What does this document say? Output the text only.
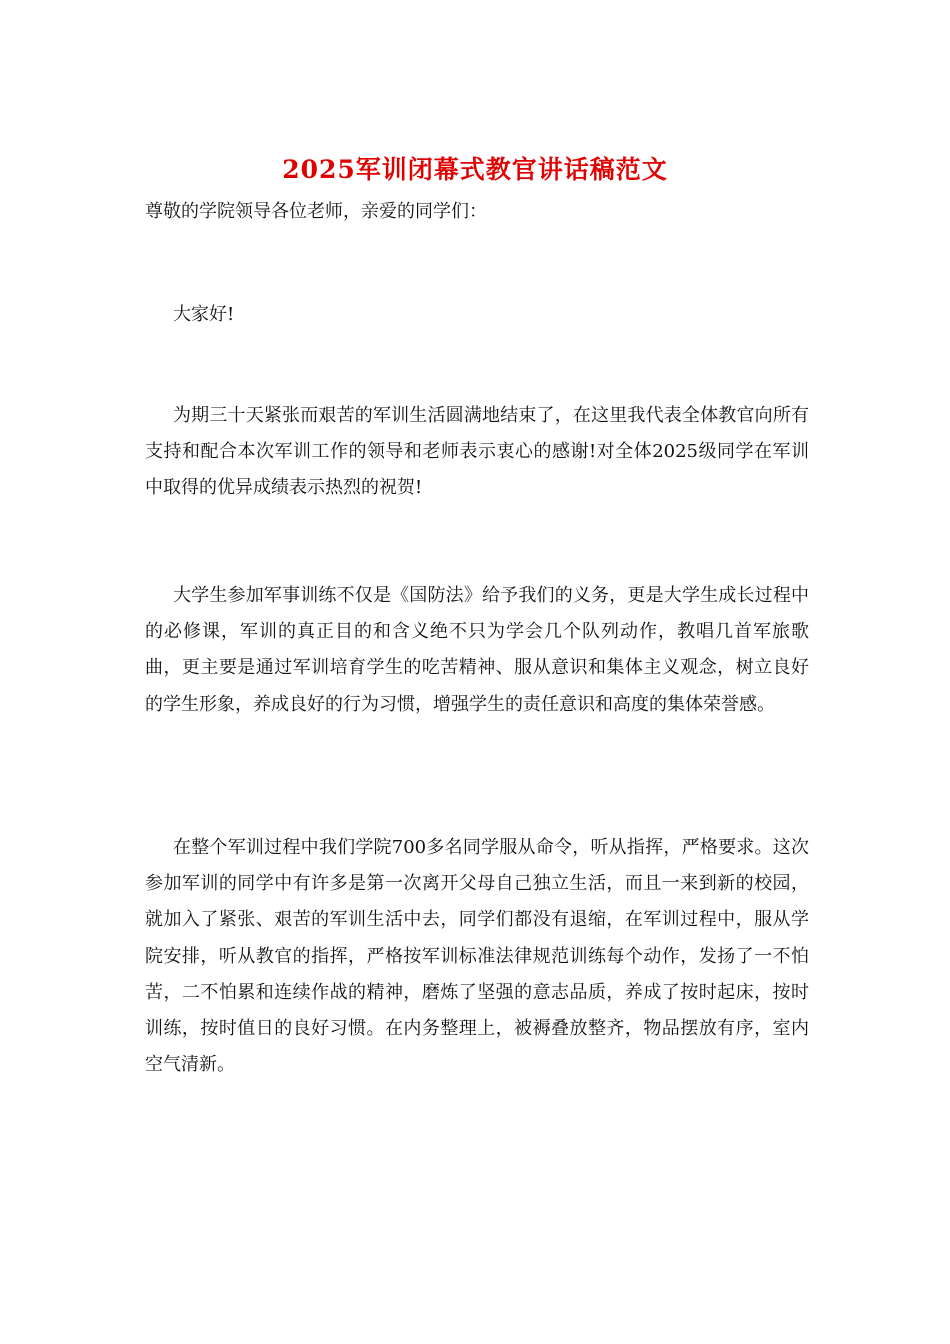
2025军训闭幕式教官讲话稿范文
尊敬的学院领导各位老师，亲爱的同学们：

大家好!

为期三十天紧张而艰苦的军训生活圆满地结束了，在这里我代表全体教官向所有支持和配合本次军训工作的领导和老师表示衷心的感谢!对全体2025级同学在军训中取得的优异成绩表示热烈的祝贺!

大学生参加军事训练不仅是《国防法》给予我们的义务，更是大学生成长过程中的必修课，军训的真正目的和含义绝不只为学会几个队列动作，教唱几首军旅歌曲，更主要是通过军训培育学生的吃苦精神、服从意识和集体主义观念，树立良好的学生形象，养成良好的行为习惯，增强学生的责任意识和高度的集体荣誉感。

在整个军训过程中我们学院700多名同学服从命令，听从指挥，严格要求。这次参加军训的同学中有许多是第一次离开父母自己独立生活，而且一来到新的校园，就加入了紧张、艰苦的军训生活中去，同学们都没有退缩，在军训过程中，服从学院安排，听从教官的指挥，严格按军训标准法律规范训练每个动作，发扬了一不怕苦，二不怕累和连续作战的精神，磨炼了坚强的意志品质，养成了按时起床，按时训练，按时值日的良好习惯。在内务整理上，被褥叠放整齐，物品摆放有序，室内空气清新。
